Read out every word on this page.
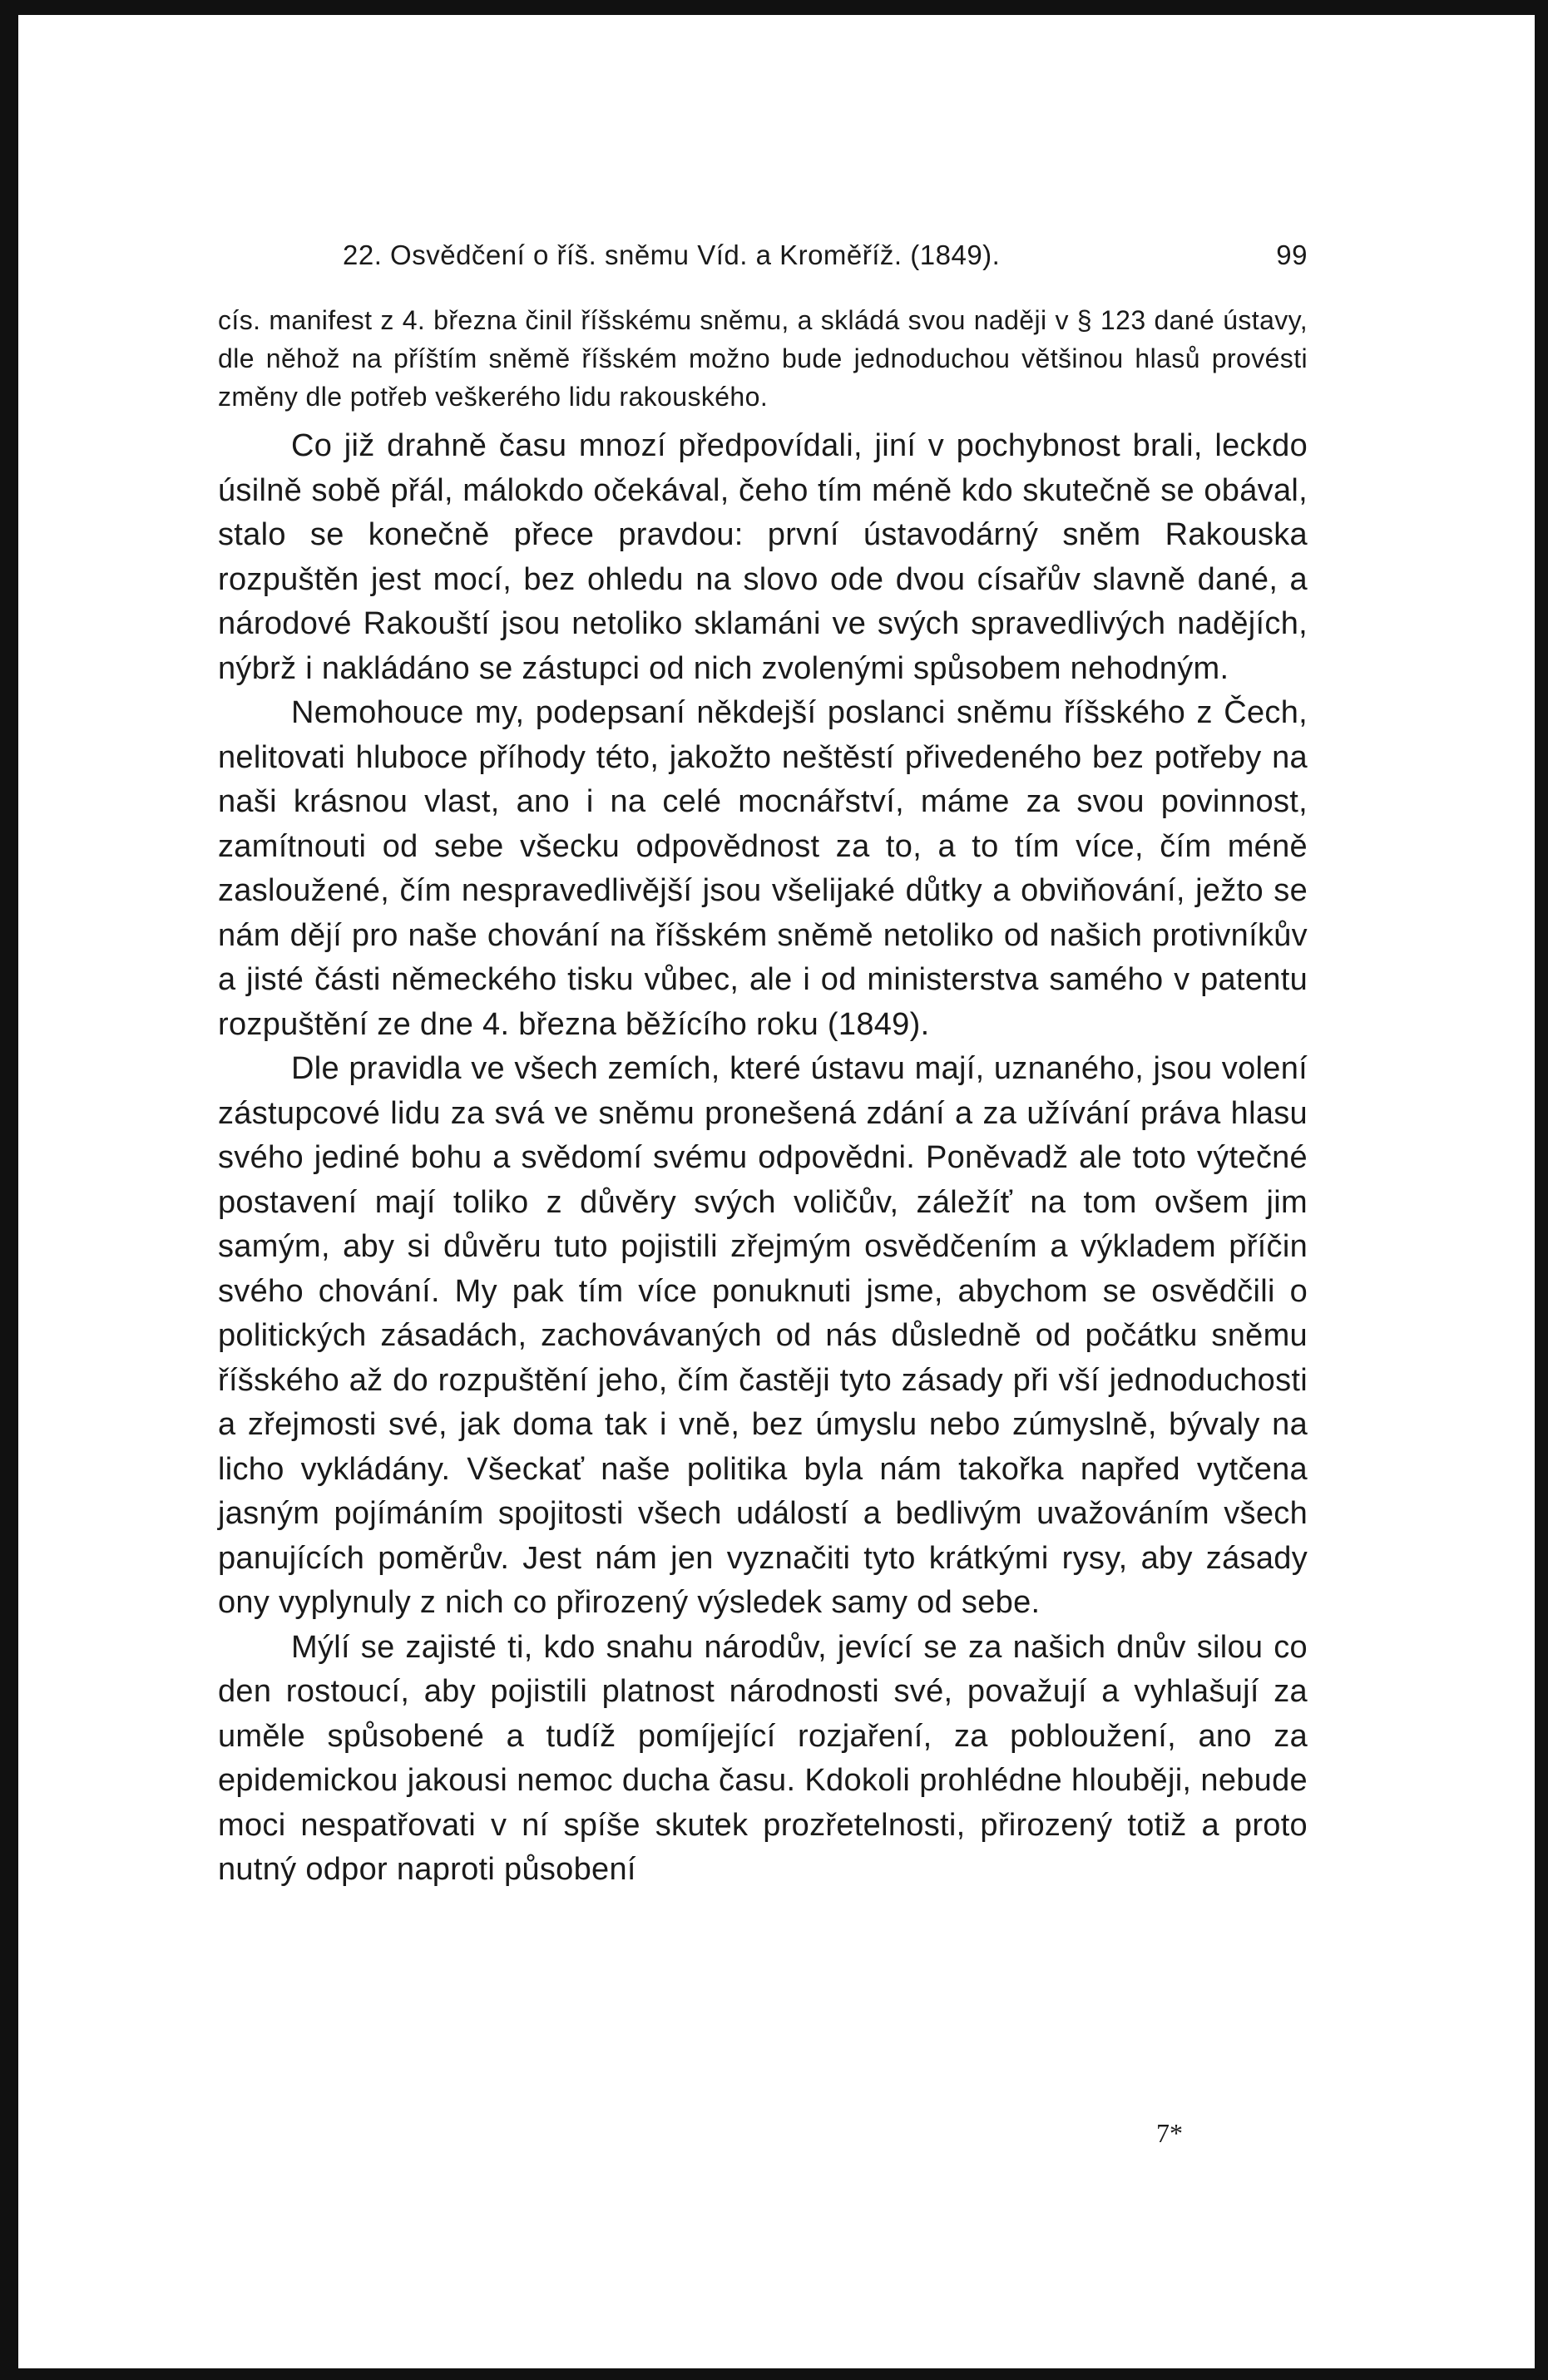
22. Osvědčení o říš. sněmu Víd. a Kroměříž. (1849).	99
cís. manifest z 4. března činil říšskému sněmu, a skládá svou naději v § 123 dané ústavy, dle něhož na příštím sněmě říšském možno bude jednoduchou většinou hlasů provésti změny dle potřeb veškerého lidu rakouského.

Co již drahně času mnozí předpovídali, jiní v pochybnost brali, leckdo úsilně sobě přál, málokdo očekával, čeho tím méně kdo skutečně se obával, stalo se konečně přece pravdou: první ústavodárný sněm Rakouska rozpuštěn jest mocí, bez ohledu na slovo ode dvou císařův slavně dané, a národové Rakouští jsou netoliko sklamáni ve svých spravedlivých nadějích, nýbrž i nakládáno se zástupci od nich zvolenými spůsobem nehodným.

Nemohouce my, podepsaní někdejší poslanci sněmu říšského z Čech, nelitovati hluboce příhody této, jakožto neštěstí přivedeného bez potřeby na naši krásnou vlast, ano i na celé mocnářství, máme za svou povinnost, zamítnouti od sebe všecku odpovědnost za to, a to tím více, čím méně zasloužené, čím nespravedlivější jsou všelijaké důtky a obviňování, ježto se nám dějí pro naše chování na říšském sněmě netoliko od našich protivníkův a jisté části německého tisku vůbec, ale i od ministerstva samého v patentu rozpuštění ze dne 4. března běžícího roku (1849).

Dle pravidla ve všech zemích, které ústavu mají, uznaného, jsou volení zástupcové lidu za svá ve sněmu pronešená zdání a za užívání práva hlasu svého jediné bohu a svědomí svému odpovědni. Poněvadž ale toto výtečné postavení mají toliko z důvěry svých voličův, záležíť na tom ovšem jim samým, aby si důvěru tuto pojistili zřejmým osvědčením a výkladem příčin svého chování. My pak tím více ponuknuti jsme, abychom se osvědčili o politických zásadách, zachovávaných od nás důsledně od počátku sněmu říšského až do rozpuštění jeho, čím častěji tyto zásady při vší jednoduchosti a zřejmosti své, jak doma tak i vně, bez úmyslu nebo zúmyslně, bývaly na licho vykládány. Všeckať naše politika byla nám takořka napřed vytčena jasným pojímáním spojitosti všech událostí a bedlivým uvažováním všech panujících poměrův. Jest nám jen vyznačiti tyto krátkými rysy, aby zásady ony vyplynuly z nich co přirozený výsledek samy od sebe.

Mýlí se zajisté ti, kdo snahu národův, jevící se za našich dnův silou co den rostoucí, aby pojistili platnost národnosti své, považují a vyhlašují za uměle spůsobené a tudíž pomíjející rozjaření, za pobloužení, ano za epidemickou jakousi nemoc ducha času. Kdokoli prohlédne hlouběji, nebude moci nespatřovati v ní spíše skutek prozřetelnosti, přirozený totiž a proto nutný odpor naproti působení

7*
